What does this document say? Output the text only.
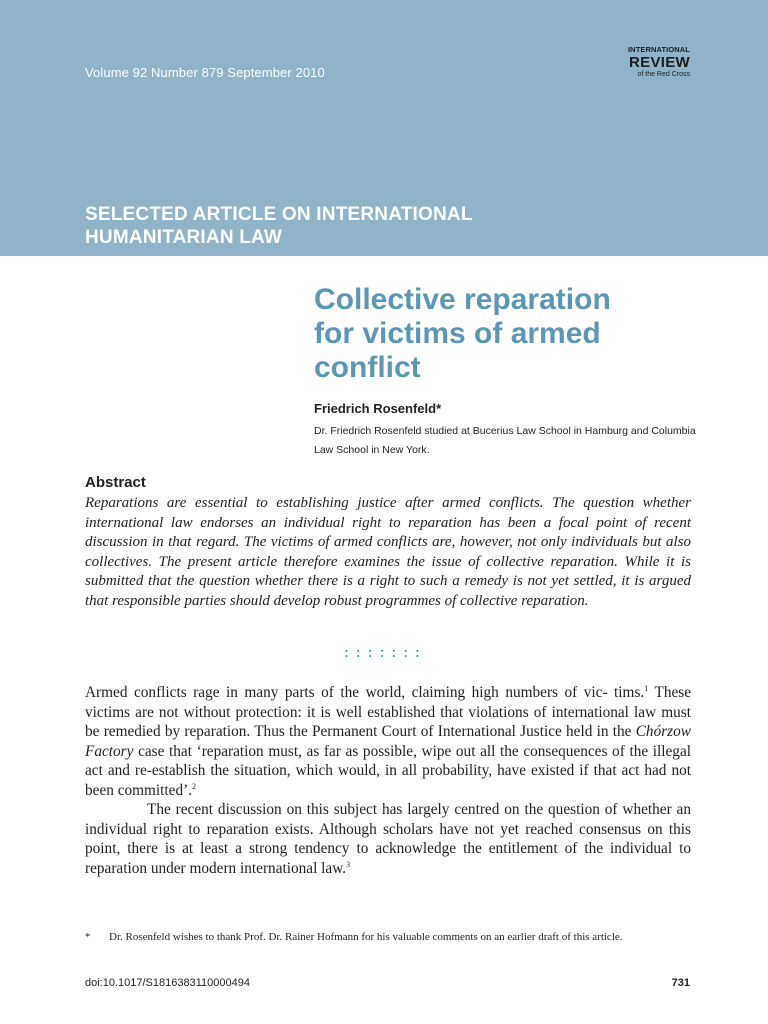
Volume 92 Number 879 September 2010
INTERNATIONAL
REVIEW
of the Red Cross
SELECTED ARTICLE ON INTERNATIONAL
HUMANITARIAN LAW
Collective reparation
for victims of armed
conflict
Friedrich Rosenfeld*
Dr. Friedrich Rosenfeld studied at Bucerius Law School in Hamburg and Columbia Law School in New York.
Abstract

Reparations are essential to establishing justice after armed conflicts. The question whether international law endorses an individual right to reparation has been a focal point of recent discussion in that regard. The victims of armed conflicts are, however, not only individuals but also collectives. The present article therefore examines the issue of collective reparation. While it is submitted that the question whether there is a right to such a remedy is not yet settled, it is argued that responsible parties should develop robust programmes of collective reparation.

:::::::

Armed conflicts rage in many parts of the world, claiming high numbers of vic- tims.$^1$ These victims are not without protection: it is well established that violations of international law must be remedied by reparation. Thus the Permanent Court of International Justice held in the Chórzow Factory case that ‘reparation must, as far as possible, wipe out all the consequences of the illegal act and re-establish the situation, which would, in all probability, have existed if that act had not been committed’.$^2$

The recent discussion on this subject has largely centred on the question of whether an individual right to reparation exists. Although scholars have not yet reached consensus on this point, there is at least a strong tendency to acknowledge the entitlement of the individual to reparation under modern international law.$^3$

* Dr. Rosenfeld wishes to thank Prof. Dr. Rainer Hofmann for his valuable comments on an earlier draft of this article.
doi:10.1017/S1816383110000494	731
